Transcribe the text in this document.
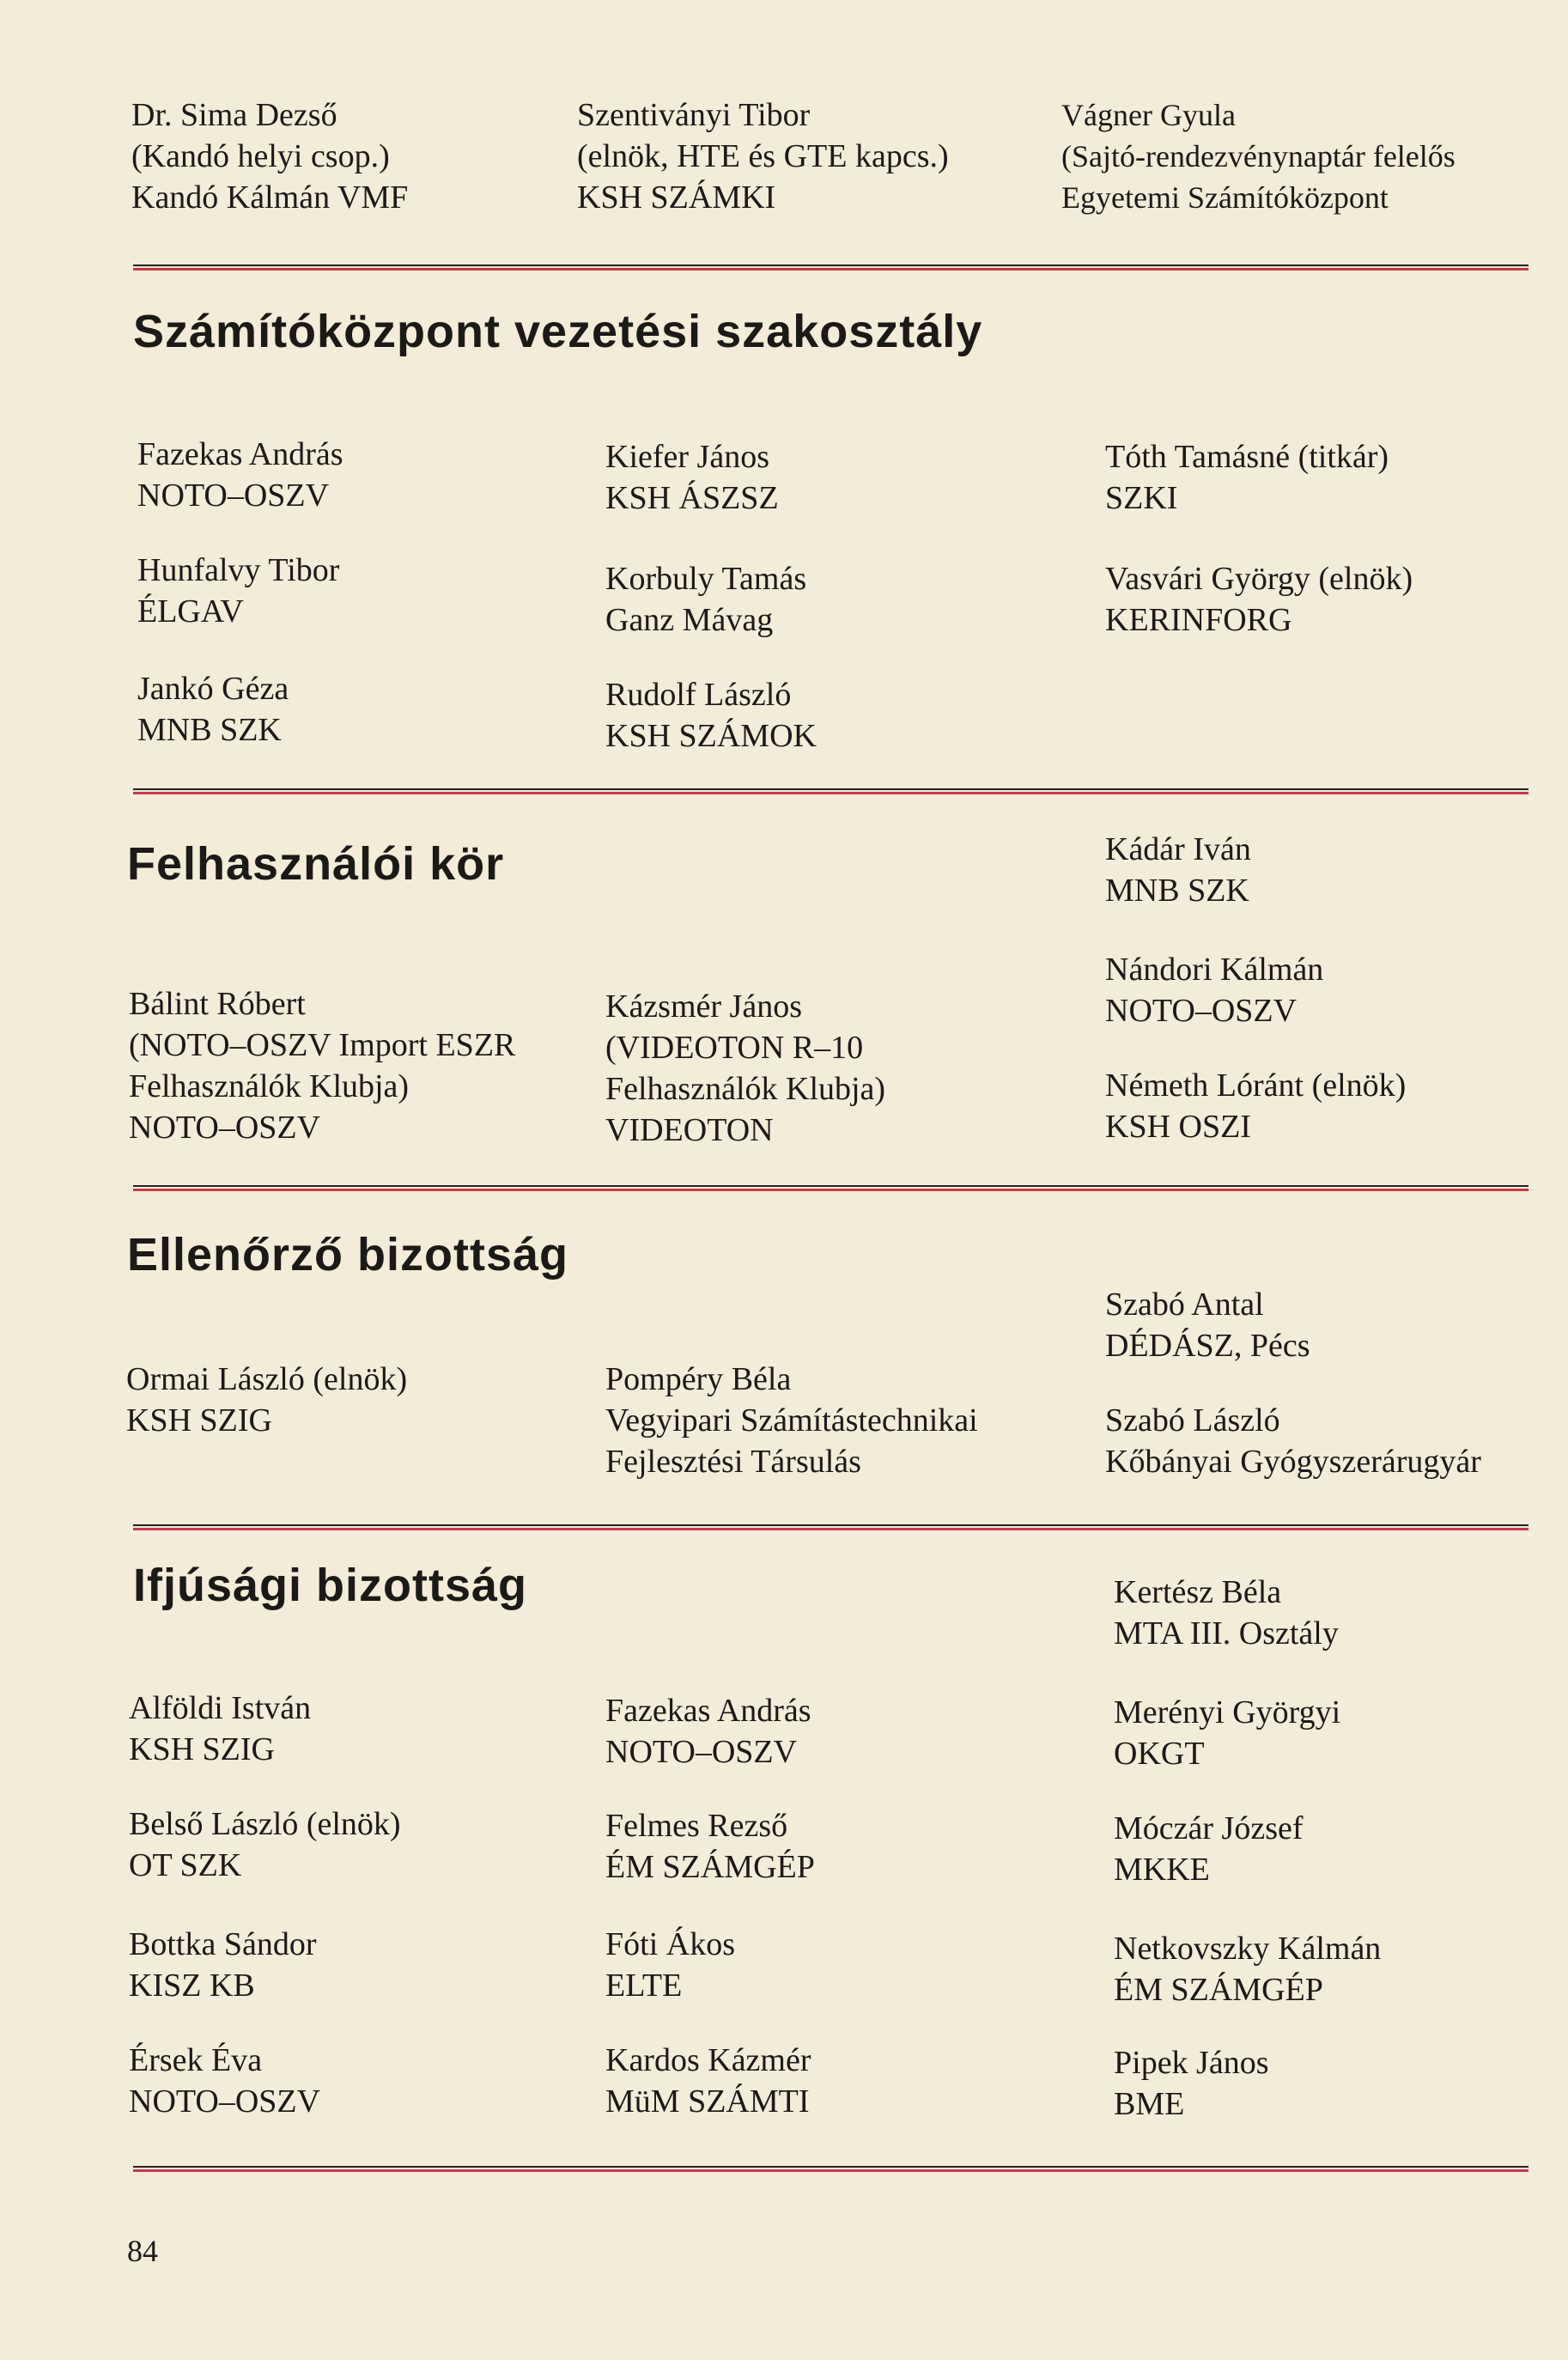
Dr. Sima Dezső
(Kandó helyi csop.)
Kandó Kálmán VMF
Szentiványi Tibor
(elnök, HTE és GTE kapcs.)
KSH SZÁMKI
Vágner Gyula
(Sajtó-rendezvénynaptár felelős
Egyetemi Számítóközpont
Számítóközpont vezetési szakosztály
Fazekas András
NOTO–OSZV
Kiefer János
KSH ÁSZSZ
Tóth Tamásné (titkár)
SZKI
Hunfalvy Tibor
ÉLGAV
Korbuly Tamás
Ganz Mávag
Vasvári György (elnök)
KERINFORG
Jankó Géza
MNB SZK
Rudolf László
KSH SZÁMOK
Felhasználói kör	Kádár Iván
MNB SZK
Nándori Kálmán
NOTO–OSZV
Bálint Róbert
(NOTO–OSZV Import ESZR
Felhasználók Klubja)
NOTO–OSZV
Kázsmér János
(VIDEOTON R–10
Felhasználók Klubja)
VIDEOTON
Németh Lóránt (elnök)
KSH OSZI
Ellenőrző bizottság
Szabó Antal
DÉDÁSZ, Pécs
Ormai László (elnök)
KSH SZIG
Pompéry Béla
Vegyipari Számítástechnikai
Fejlesztési Társulás
Szabó László
Kőbányai Gyógyszerárugyár
Ifjúsági bizottság	Kertész Béla
MTA III. Osztály
Alföldi István
KSH SZIG
Fazekas András
NOTO–OSZV
Merényi Györgyi
OKGT
Belső László (elnök)
OT SZK
Felmes Rezső
ÉM SZÁMGÉP
Móczár József
MKKE
Bottka Sándor
KISZ KB
Fóti Ákos
ELTE
Netkovszky Kálmán
ÉM SZÁMGÉP
Érsek Éva
NOTO–OSZV
Kardos Kázmér
MüM SZÁMTI
Pipek János
BME
84
